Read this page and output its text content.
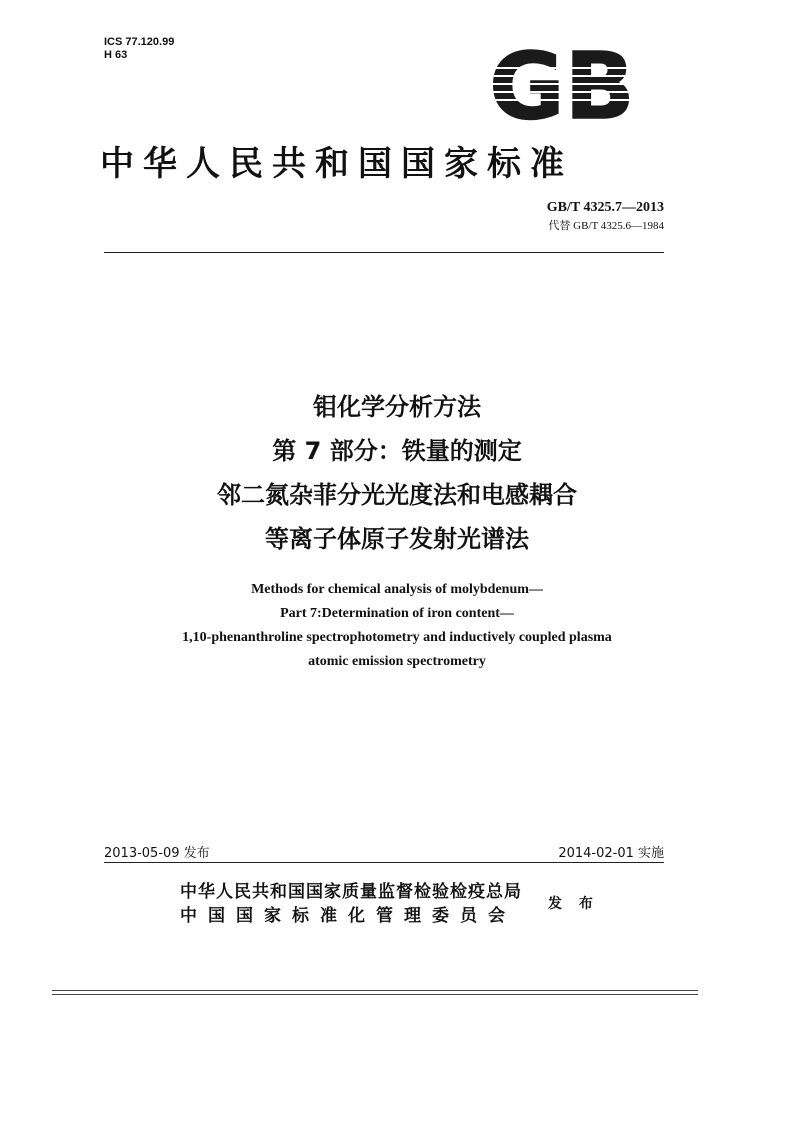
ICS 77.120.99
H 63	GB
中华人民共和国国家标准
GB/T 4325.7—2013
代替 GB/T 4325.6—1984
钼化学分析方法
第 7 部分：铁量的测定
邻二氮杂菲分光光度法和电感耦合
等离子体原子发射光谱法
Methods for chemical analysis of molybdenum—
Part 7:Determination of iron content—
1,10-phenanthroline spectrophotometry and inductively coupled plasma
atomic emission spectrometry
2013-05-09 发布	2014-02-01 实施
中华人民共和国国家质量监督检验检疫总局
中国国家标准化管理委员会
发 布
